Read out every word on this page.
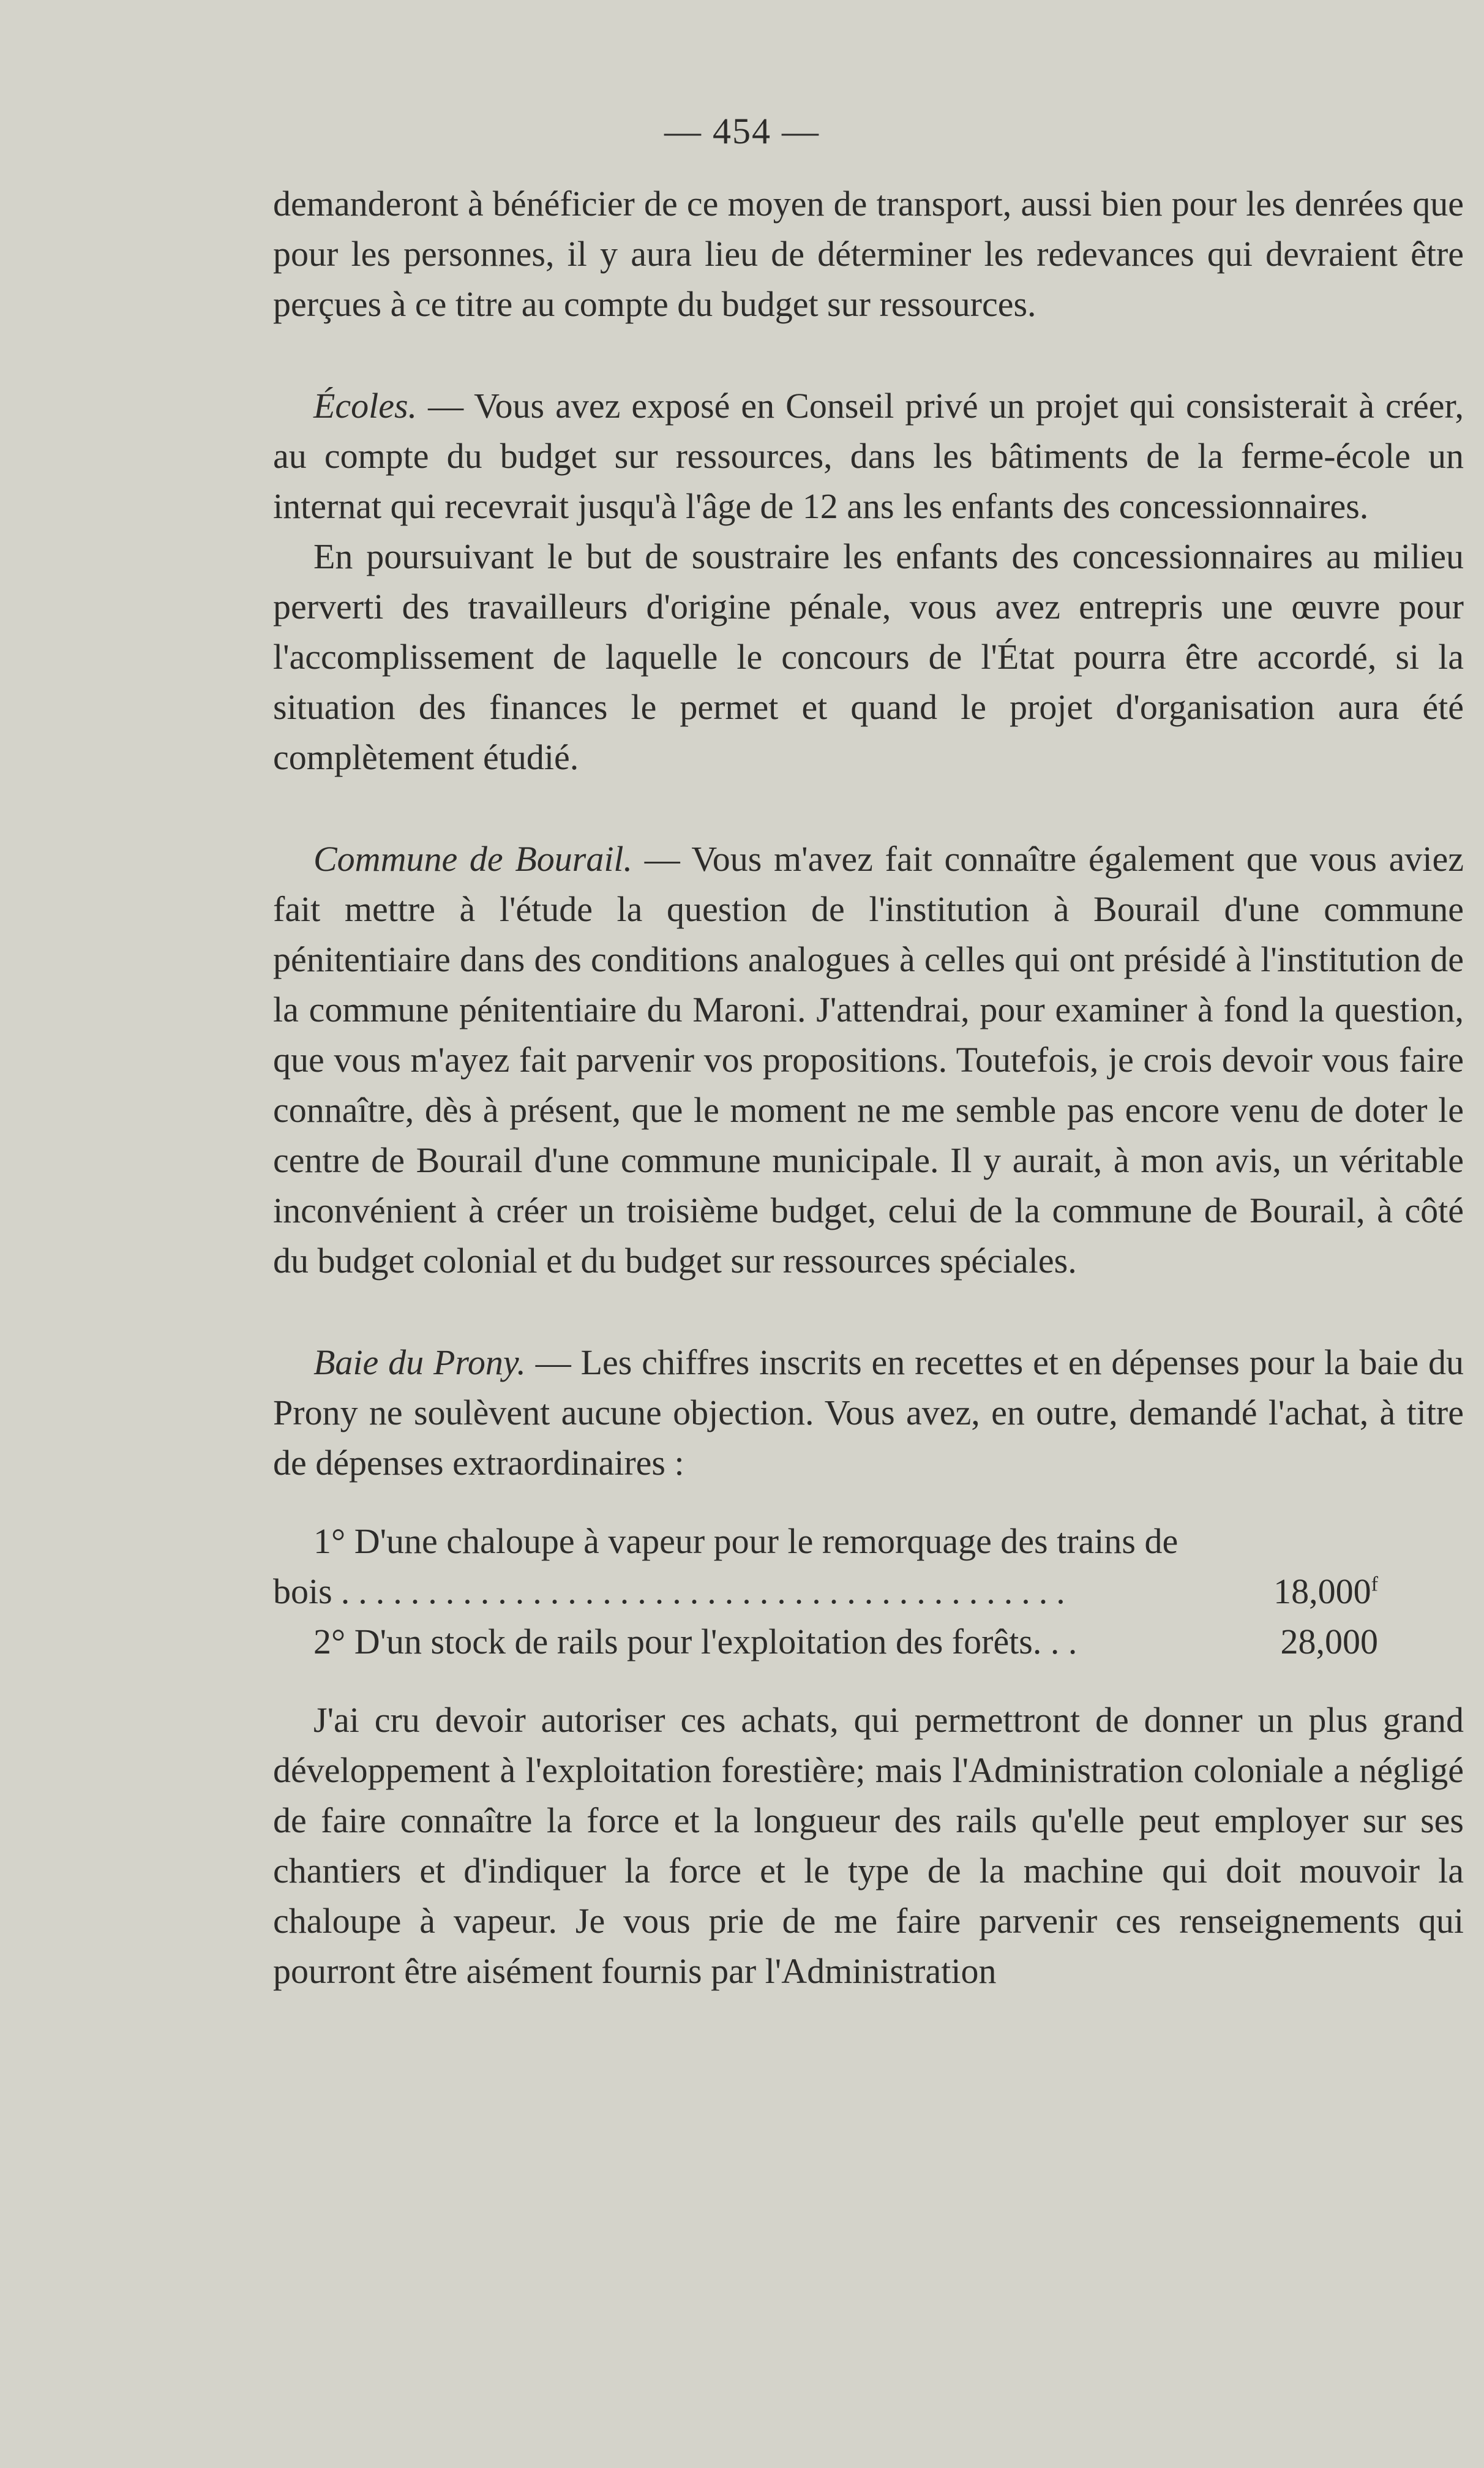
— 454 —

demanderont à bénéficier de ce moyen de transport, aussi bien pour les denrées que pour les personnes, il y aura lieu de déterminer les redevances qui devraient être perçues à ce titre au compte du budget sur ressources.

Écoles. — Vous avez exposé en Conseil privé un projet qui consisterait à créer, au compte du budget sur ressources, dans les bâtiments de la ferme-école un internat qui recevrait jusqu'à l'âge de 12 ans les enfants des concessionnaires.

En poursuivant le but de soustraire les enfants des concessionnaires au milieu perverti des travailleurs d'origine pénale, vous avez entrepris une œuvre pour l'accomplissement de laquelle le concours de l'État pourra être accordé, si la situation des finances le permet et quand le projet d'organisation aura été complètement étudié.

Commune de Bourail. — Vous m'avez fait connaître également que vous aviez fait mettre à l'étude la question de l'institution à Bourail d'une commune pénitentiaire dans des conditions analogues à celles qui ont présidé à l'institution de la commune pénitentiaire du Maroni. J'attendrai, pour examiner à fond la question, que vous m'ayez fait parvenir vos propositions. Toutefois, je crois devoir vous faire connaître, dès à présent, que le moment ne me semble pas encore venu de doter le centre de Bourail d'une commune municipale. Il y aurait, à mon avis, un véritable inconvénient à créer un troisième budget, celui de la commune de Bourail, à côté du budget colonial et du budget sur ressources spéciales.

Baie du Prony. — Les chiffres inscrits en recettes et en dépenses pour la baie du Prony ne soulèvent aucune objection. Vous avez, en outre, demandé l'achat, à titre de dépenses extraordinaires :

1° D'une chaloupe à vapeur pour le remorquage des trains de

bois ..........................................	18,000$^f$

2° D'un stock de rails pour l'exploitation des forêts. . .	28,000

J'ai cru devoir autoriser ces achats, qui permettront de donner un plus grand développement à l'exploitation forestière; mais l'Administration coloniale a négligé de faire connaître la force et la longueur des rails qu'elle peut employer sur ses chantiers et d'indiquer la force et le type de la machine qui doit mouvoir la chaloupe à vapeur. Je vous prie de me faire parvenir ces renseignements qui pourront être aisément fournis par l'Administration
